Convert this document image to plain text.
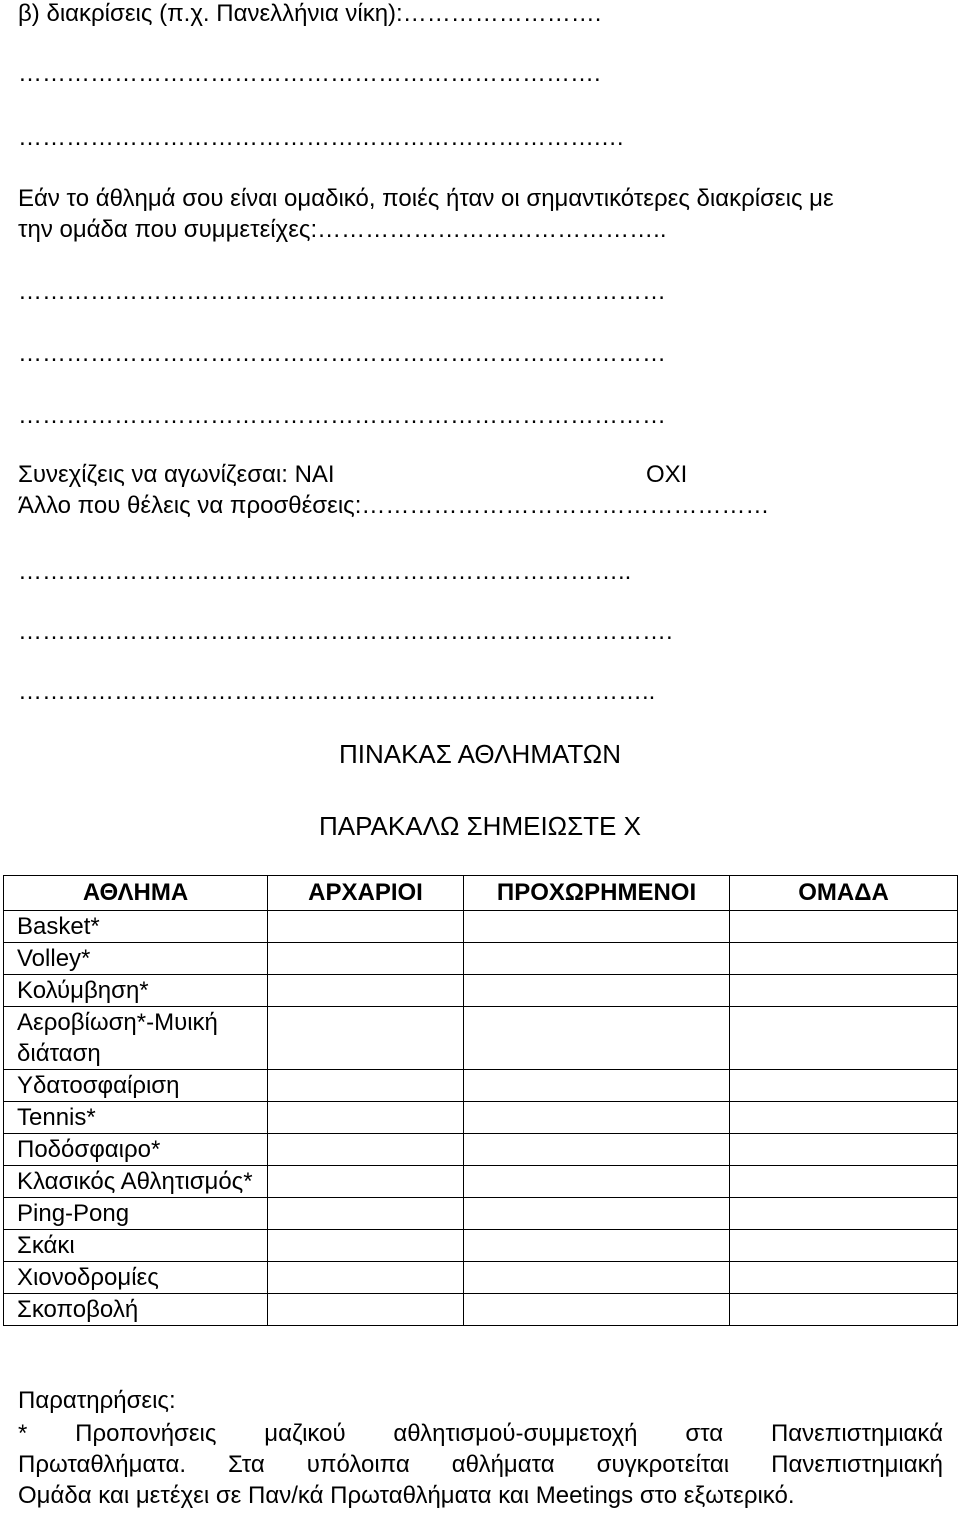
β) διακρίσεις (π.χ. Πανελλήνια νίκη):…………………….
……………………………………………………………….
……………………………………………………………….…
Εάν το άθλημά σου είναι ομαδικό, ποιές ήταν οι σημαντικότερες διακρίσεις με
την ομάδα που συμμετείχες:……………………………………..
………………………………………………………………………
………………………………………………………………………
………………………………………………………………………
Συνεχίζεις να αγωνίζεσαι: ΝΑΙ	ΟΧΙ
Άλλο που θέλεις να προσθέσεις:……………………………………………
…………………………………………………………………..
……………………………………………………………………….
……………………………………………………………………..
ΠΙΝΑΚΑΣ ΑΘΛΗΜΑΤΩΝ
ΠΑΡΑΚΑΛΩ ΣΗΜΕΙΩΣΤΕ Χ
ΑΘΛΗΜΑ	ΑΡΧΑΡΙΟΙ	ΠΡΟΧΩΡΗΜΕΝΟΙ	ΟΜΑΔΑ
Basket*			
Volley*			
Κολύμβηση*			
Αεροβίωση*-Μυική διάταση			
Υδατοσφαίριση			
Tennis*			
Ποδόσφαιρο*			
Κλασικός Αθλητισμός*			
Ping-Pong			
Σκάκι			
Χιονοδρομίες			
Σκοποβολή			
Παρατηρήσεις:
* Προπονήσεις μαζικού αθλητισμού-συμμετοχή στα Πανεπιστημιακά
Πρωταθλήματα. Στα υπόλοιπα αθλήματα συγκροτείται Πανεπιστημιακή
Ομάδα και μετέχει σε Παν/κά Πρωταθλήματα και Meetings στο εξωτερικό.
